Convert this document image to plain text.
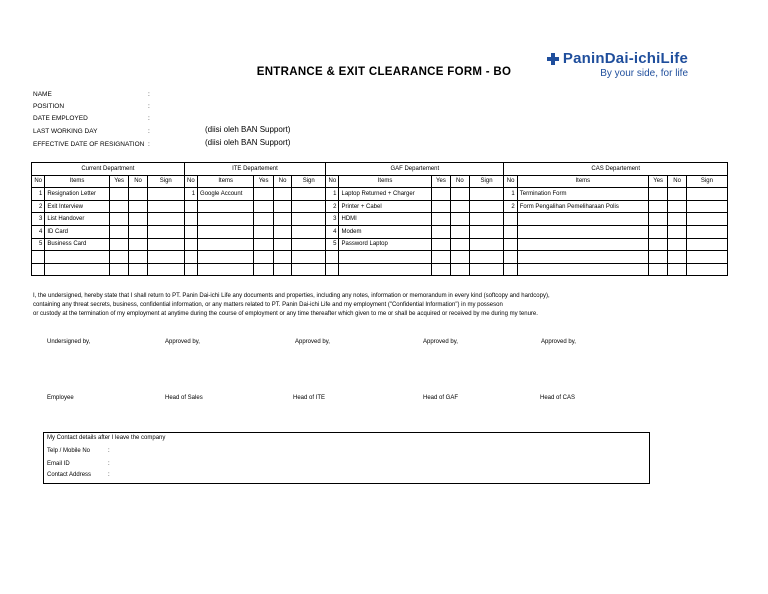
ENTRANCE & EXIT CLEARANCE FORM - BO
PaninDai-ichiLife
By your side, for life
NAME	:
POSITION	:
DATE EMPLOYED	:
LAST WORKING DAY	:	(diisi oleh BAN Support)
EFFECTIVE DATE OF RESIGNATION :	(diisi oleh BAN Support)
Current Department					ITE Departement					GAF Departement					CAS Departement				
No	Items	Yes	No	Sign	No	Items	Yes	No	Sign	No	Items	Yes	No	Sign	No	Items	Yes	No	Sign
1	Resignation Letter				1	Google Account				1	Laptop Returned + Charger				1	Termination Form			
2	Exit Interview									2	Printer + Cabel				2	Form Pengalihan Pemeliharaan Polis			
3	List Handover									3	HDMI								
4	ID Card									4	Modem								
5	Business Card									5	Password Laptop								

I, the undersigned, hereby state that I shall return to PT. Panin Dai-ichi Life any documents and properties, including any notes, information or memorandum in every kind (softcopy and hardcopy),
containing any threat secrets, business, confidential information, or any matters related to PT. Panin Dai-ichi Life and my employment ("Confidential Information") in my posseson
or custody at the termination of my employment at anytime during the course of employment or any time thereafter which given to me or shall be acquired or received by me during my tenure.
Undersigned by,	Approved by,	Approved by,	Approved by,	Approved by,
Employee	Head of Sales	Head of ITE	Head of GAF	Head of CAS
My Contact details after I leave the company
Telp / Mobile No	:
Email ID	:
Contact Address	:
